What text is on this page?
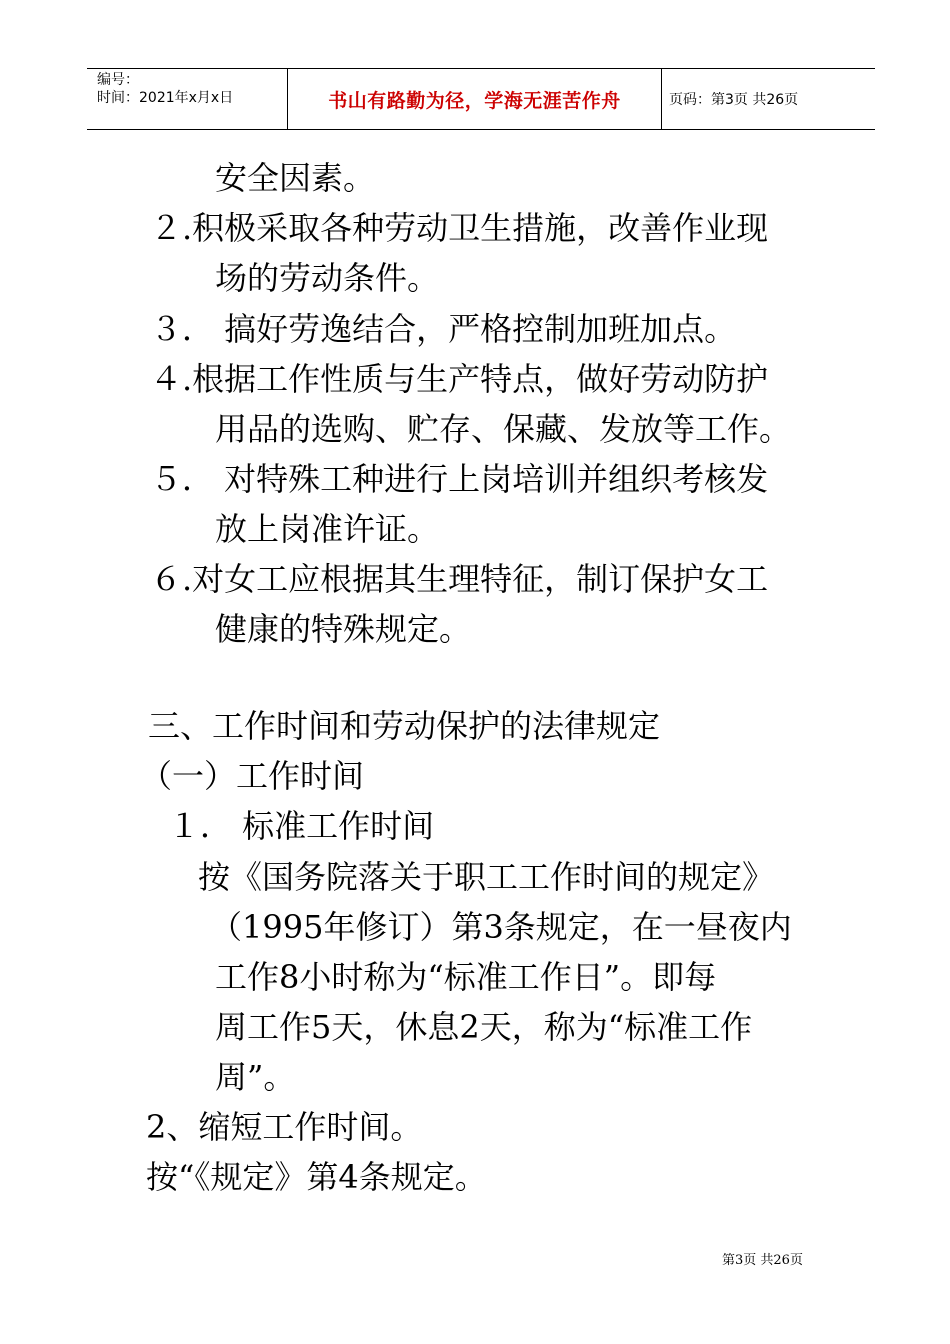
编号：
时间：2021年x月x日	书山有路勤为径，学海无涯苦作舟	页码：第3页 共26页
安全因素。
２.积极采取各种劳动卫生措施，改善作业现
场的劳动条件。
３． 搞好劳逸结合，严格控制加班加点。
４.根据工作性质与生产特点，做好劳动防护
用品的选购、贮存、保藏、发放等工作。
５． 对特殊工种进行上岗培训并组织考核发
放上岗准许证。
６.对女工应根据其生理特征，制订保护女工
健康的特殊规定。
三、工作时间和劳动保护的法律规定
（一）工作时间
１． 标准工作时间
按《国务院落关于职工工作时间的规定》
（1995年修订）第3条规定，在一昼夜内
工作8小时称为“标准工作日”。即每
周工作5天，休息2天，称为“标准工作
周”。
2、缩短工作时间。
按“《规定》第4条规定。
第3页 共26页
